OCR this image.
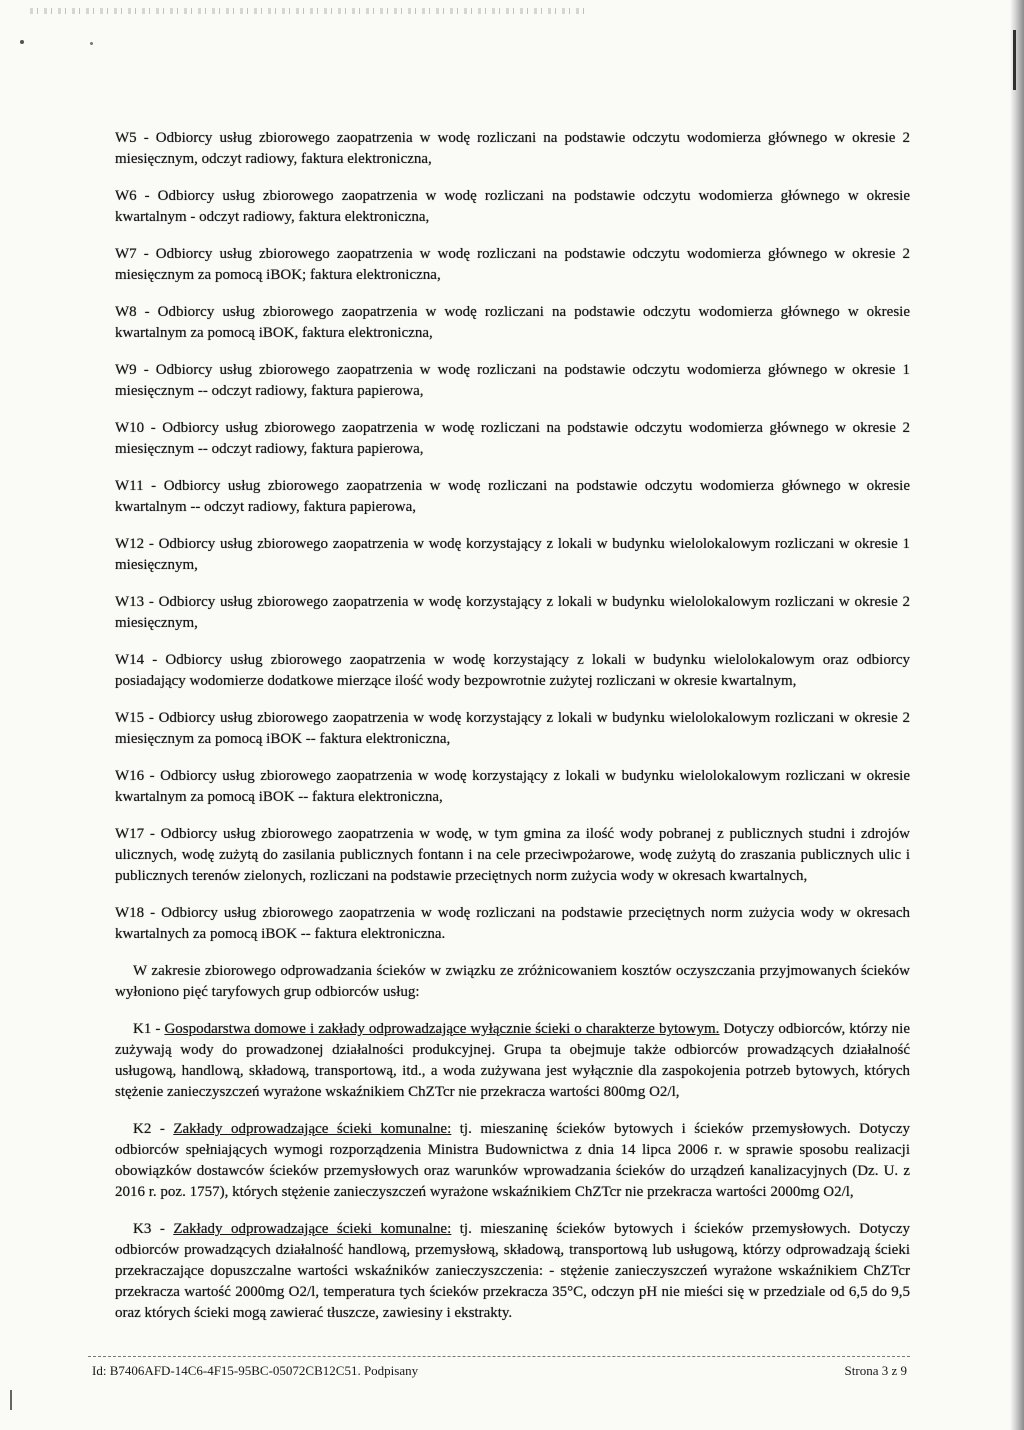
W5 - Odbiorcy usług zbiorowego zaopatrzenia w wodę rozliczani na podstawie odczytu wodomierza głównego w okresie 2 miesięcznym, odczyt radiowy, faktura elektroniczna,

W6 - Odbiorcy usług zbiorowego zaopatrzenia w wodę rozliczani na podstawie odczytu wodomierza głównego w okresie kwartalnym - odczyt radiowy, faktura elektroniczna,

W7 - Odbiorcy usług zbiorowego zaopatrzenia w wodę rozliczani na podstawie odczytu wodomierza głównego w okresie 2 miesięcznym za pomocą iBOK; faktura elektroniczna,

W8 - Odbiorcy usług zbiorowego zaopatrzenia w wodę rozliczani na podstawie odczytu wodomierza głównego w okresie kwartalnym za pomocą iBOK, faktura elektroniczna,

W9 - Odbiorcy usług zbiorowego zaopatrzenia w wodę rozliczani na podstawie odczytu wodomierza głównego w okresie 1 miesięcznym -- odczyt radiowy, faktura papierowa,

W10 - Odbiorcy usług zbiorowego zaopatrzenia w wodę rozliczani na podstawie odczytu wodomierza głównego w okresie 2 miesięcznym -- odczyt radiowy, faktura papierowa,

W11 - Odbiorcy usług zbiorowego zaopatrzenia w wodę rozliczani na podstawie odczytu wodomierza głównego w okresie kwartalnym -- odczyt radiowy, faktura papierowa,

W12 - Odbiorcy usług zbiorowego zaopatrzenia w wodę korzystający z lokali w budynku wielolokalowym rozliczani w okresie 1 miesięcznym,

W13 - Odbiorcy usług zbiorowego zaopatrzenia w wodę korzystający z lokali w budynku wielolokalowym rozliczani w okresie 2 miesięcznym,

W14 - Odbiorcy usług zbiorowego zaopatrzenia w wodę korzystający z lokali w budynku wielolokalowym oraz odbiorcy posiadający wodomierze dodatkowe mierzące ilość wody bezpowrotnie zużytej rozliczani w okresie kwartalnym,

W15 - Odbiorcy usług zbiorowego zaopatrzenia w wodę korzystający z lokali w budynku wielolokalowym rozliczani w okresie 2 miesięcznym za pomocą iBOK -- faktura elektroniczna,

W16 - Odbiorcy usług zbiorowego zaopatrzenia w wodę korzystający z lokali w budynku wielolokalowym rozliczani w okresie kwartalnym za pomocą iBOK -- faktura elektroniczna,

W17 - Odbiorcy usług zbiorowego zaopatrzenia w wodę, w tym gmina za ilość wody pobranej z publicznych studni i zdrojów ulicznych, wodę zużytą do zasilania publicznych fontann i na cele przeciwpożarowe, wodę zużytą do zraszania publicznych ulic i publicznych terenów zielonych, rozliczani na podstawie przeciętnych norm zużycia wody w okresach kwartalnych,

W18 - Odbiorcy usług zbiorowego zaopatrzenia w wodę rozliczani na podstawie przeciętnych norm zużycia wody w okresach kwartalnych za pomocą iBOK -- faktura elektroniczna.

W zakresie zbiorowego odprowadzania ścieków w związku ze zróżnicowaniem kosztów oczyszczania przyjmowanych ścieków wyłoniono pięć taryfowych grup odbiorców usług:

K1 - Gospodarstwa domowe i zakłady odprowadzające wyłącznie ścieki o charakterze bytowym. Dotyczy odbiorców, którzy nie zużywają wody do prowadzonej działalności produkcyjnej. Grupa ta obejmuje także odbiorców prowadzących działalność usługową, handlową, składową, transportową, itd., a woda zużywana jest wyłącznie dla zaspokojenia potrzeb bytowych, których stężenie zanieczyszczeń wyrażone wskaźnikiem ChZTcr nie przekracza wartości 800mg O2/l,

K2 - Zakłady odprowadzające ścieki komunalne: tj. mieszaninę ścieków bytowych i ścieków przemysłowych. Dotyczy odbiorców spełniających wymogi rozporządzenia Ministra Budownictwa z dnia 14 lipca 2006 r. w sprawie sposobu realizacji obowiązków dostawców ścieków przemysłowych oraz warunków wprowadzania ścieków do urządzeń kanalizacyjnych (Dz. U. z 2016 r. poz. 1757), których stężenie zanieczyszczeń wyrażone wskaźnikiem ChZTcr nie przekracza wartości 2000mg O2/l,

K3 - Zakłady odprowadzające ścieki komunalne: tj. mieszaninę ścieków bytowych i ścieków przemysłowych. Dotyczy odbiorców prowadzących działalność handlową, przemysłową, składową, transportową lub usługową, którzy odprowadzają ścieki przekraczające dopuszczalne wartości wskaźników zanieczyszczenia: - stężenie zanieczyszczeń wyrażone wskaźnikiem ChZTcr przekracza wartość 2000mg O2/l, temperatura tych ścieków przekracza 35°C, odczyn pH nie mieści się w przedziale od 6,5 do 9,5 oraz których ścieki mogą zawierać tłuszcze, zawiesiny i ekstrakty.

Id: B7406AFD-14C6-4F15-95BC-05072CB12C51. Podpisany	Strona 3 z 9
